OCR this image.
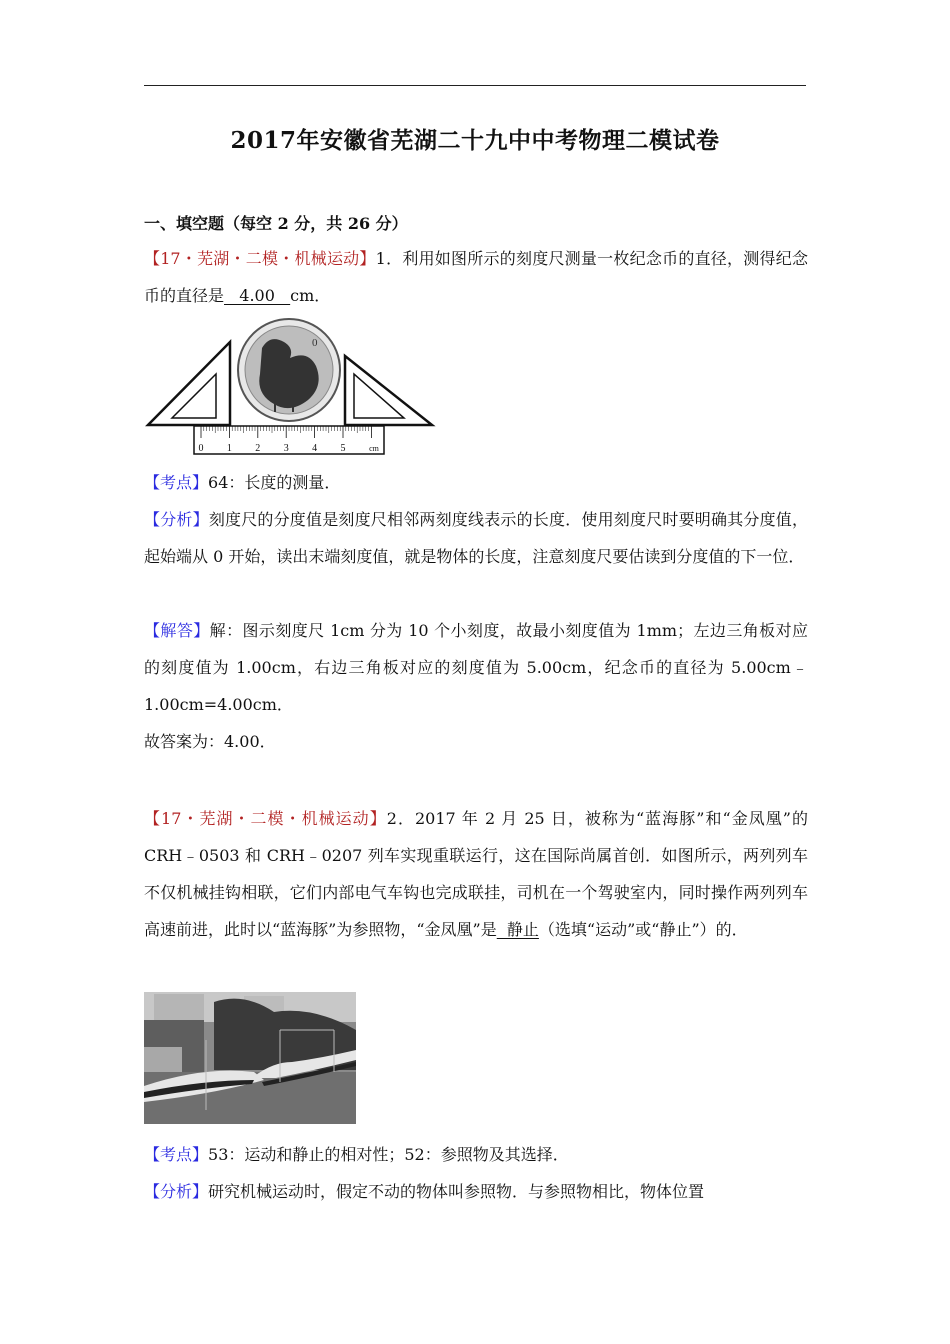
2017年安徽省芜湖二十九中中考物理二模试卷
一、填空题（每空 2 分，共 26 分）
【17・芜湖・二模・机械运动】1．利用如图所示的刻度尺测量一枚纪念币的直径，测得纪念币的直径是   4.00   cm．
0
0 1 2 3 4 5	cm
【考点】64：长度的测量．
【分析】刻度尺的分度值是刻度尺相邻两刻度线表示的长度．使用刻度尺时要明确其分度值，起始端从 0 开始，读出末端刻度值，就是物体的长度，注意刻度尺要估读到分度值的下一位．
【解答】解：图示刻度尺 1cm 分为 10 个小刻度，故最小刻度值为 1mm；左边三角板对应的刻度值为 1.00cm，右边三角板对应的刻度值为 5.00cm，纪念币的直径为 5.00cm﹣1.00cm=4.00cm．
故答案为：4.00．
【17・芜湖・二模・机械运动】2．2017 年 2 月 25 日，被称为“蓝海豚”和“金凤凰”的 CRH﹣0503 和 CRH﹣0207 列车实现重联运行，这在国际尚属首创．如图所示，两列列车不仅机械挂钩相联，它们内部电气车钩也完成联挂，司机在一个驾驶室内，同时操作两列列车高速前进，此时以“蓝海豚”为参照物，“金凤凰”是  静止（选填“运动”或“静止”）的．
【考点】53：运动和静止的相对性；52：参照物及其选择．
【分析】研究机械运动时，假定不动的物体叫参照物．与参照物相比，物体位置
